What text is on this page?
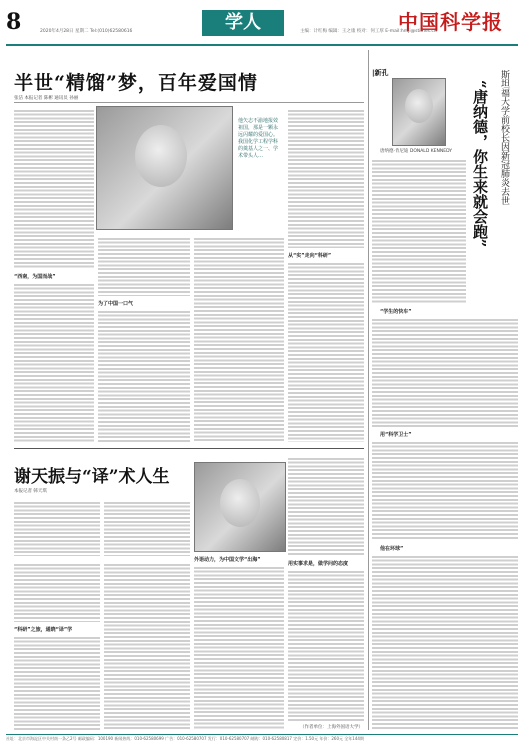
8	学人	中国科学报
2020年4月28日 星期二 Tel:(010)62580616	主编：计红梅 编辑：王之康 校对：何工厚 E-mail:hmji@stimes.cn
半世“精馏”梦，百年爱国情
张洁 本报记者 陈彬 通讯员 孙丽
他矢志不渝地报效祖国，那是一颗永远闪耀的爱国心。我国化学工程学科的奠基人之一、学术带头人…
“西南，为国而战”
为了中国一口气
从“实”走向“科研”
谢天振与“译”术人生
本报记者 韩天琪
“科研”之旅，通晓“译”学
外语动力，为中国文学“出海”
用实事求是，做学问的态度
（作者单位：上海外国语大学）
|新孔
唐纳德·肯尼迪 DONALD KENNEDY	斯坦福大学前校长因新冠肺炎去世
“唐纳德，你生来就会跑”
“学生的快车”
用“科学卫士”
他在环球”
社址：北京市海淀区中关村南一条乙2号 邮政编码：100190 新闻热线：010-62580699 广告：010-62580707 发行：010-62580707 邮购：010-62580817 定价：1.50元 年价：260元 全年144期
